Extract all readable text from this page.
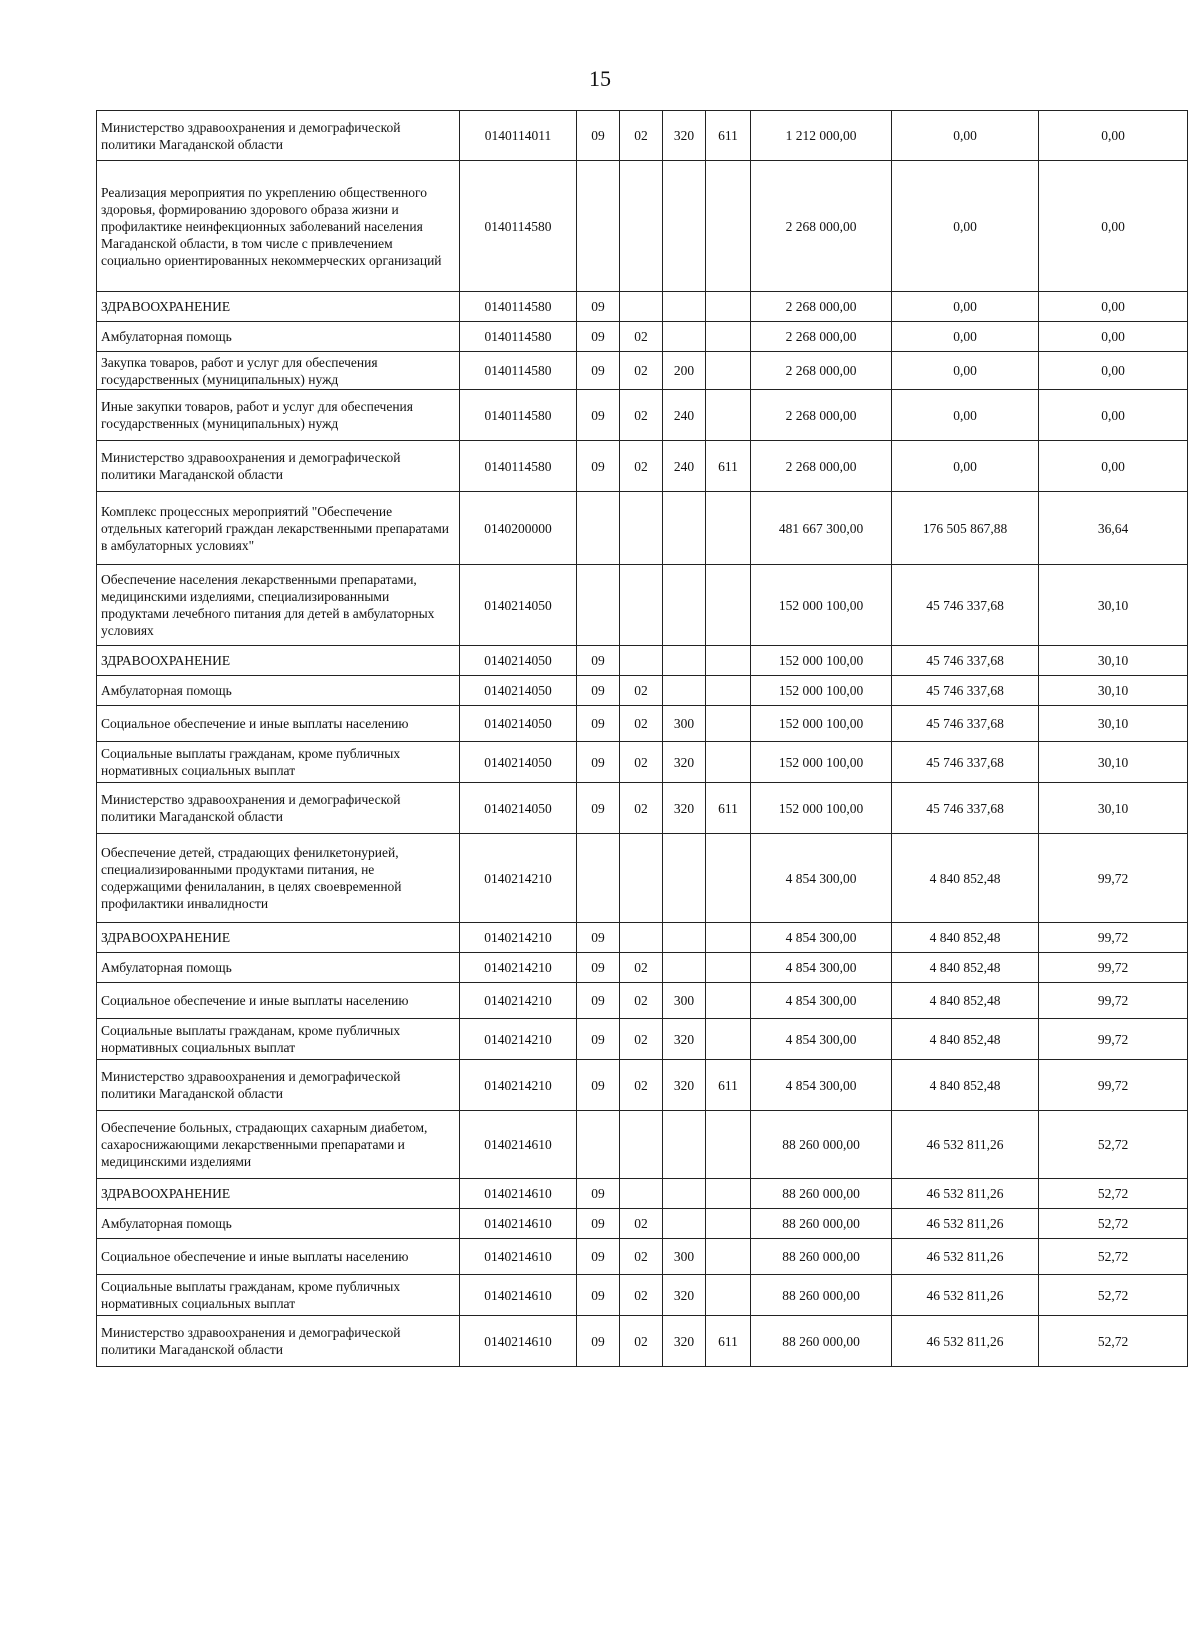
15
Министерство здравоохранения и демографической политики Магаданской области	0140114011	09	02	320	611	1 212 000,00	0,00	0,00
Реализация мероприятия по укреплению общественного здоровья, формированию здорового образа жизни и профилактике неинфекционных заболеваний населения Магаданской области, в том числе с привлечением социально ориентированных некоммерческих организаций	0140114580					2 268 000,00	0,00	0,00
ЗДРАВООХРАНЕНИЕ	0140114580	09				2 268 000,00	0,00	0,00
Амбулаторная помощь	0140114580	09	02			2 268 000,00	0,00	0,00
Закупка товаров, работ и услуг для обеспечения государственных (муниципальных) нужд	0140114580	09	02	200		2 268 000,00	0,00	0,00
Иные закупки товаров, работ и услуг для обеспечения государственных (муниципальных) нужд	0140114580	09	02	240		2 268 000,00	0,00	0,00
Министерство здравоохранения и демографической политики Магаданской области	0140114580	09	02	240	611	2 268 000,00	0,00	0,00
Комплекс процессных мероприятий "Обеспечение отдельных категорий граждан лекарственными препаратами в амбулаторных условиях"	0140200000					481 667 300,00	176 505 867,88	36,64
Обеспечение населения лекарственными препаратами, медицинскими изделиями, специализированными продуктами лечебного питания для детей в амбулаторных условиях	0140214050					152 000 100,00	45 746 337,68	30,10
ЗДРАВООХРАНЕНИЕ	0140214050	09				152 000 100,00	45 746 337,68	30,10
Амбулаторная помощь	0140214050	09	02			152 000 100,00	45 746 337,68	30,10
Социальное обеспечение и иные выплаты населению	0140214050	09	02	300		152 000 100,00	45 746 337,68	30,10
Социальные выплаты гражданам, кроме публичных нормативных социальных выплат	0140214050	09	02	320		152 000 100,00	45 746 337,68	30,10
Министерство здравоохранения и демографической политики Магаданской области	0140214050	09	02	320	611	152 000 100,00	45 746 337,68	30,10
Обеспечение детей, страдающих фенилкетонурией, специализированными продуктами питания, не содержащими фенилаланин, в целях своевременной профилактики инвалидности	0140214210					4 854 300,00	4 840 852,48	99,72
ЗДРАВООХРАНЕНИЕ	0140214210	09				4 854 300,00	4 840 852,48	99,72
Амбулаторная помощь	0140214210	09	02			4 854 300,00	4 840 852,48	99,72
Социальное обеспечение и иные выплаты населению	0140214210	09	02	300		4 854 300,00	4 840 852,48	99,72
Социальные выплаты гражданам, кроме публичных нормативных социальных выплат	0140214210	09	02	320		4 854 300,00	4 840 852,48	99,72
Министерство здравоохранения и демографической политики Магаданской области	0140214210	09	02	320	611	4 854 300,00	4 840 852,48	99,72
Обеспечение больных, страдающих сахарным диабетом, сахароснижающими лекарственными препаратами и медицинскими изделиями	0140214610					88 260 000,00	46 532 811,26	52,72
ЗДРАВООХРАНЕНИЕ	0140214610	09				88 260 000,00	46 532 811,26	52,72
Амбулаторная помощь	0140214610	09	02			88 260 000,00	46 532 811,26	52,72
Социальное обеспечение и иные выплаты населению	0140214610	09	02	300		88 260 000,00	46 532 811,26	52,72
Социальные выплаты гражданам, кроме публичных нормативных социальных выплат	0140214610	09	02	320		88 260 000,00	46 532 811,26	52,72
Министерство здравоохранения и демографической политики Магаданской области	0140214610	09	02	320	611	88 260 000,00	46 532 811,26	52,72
